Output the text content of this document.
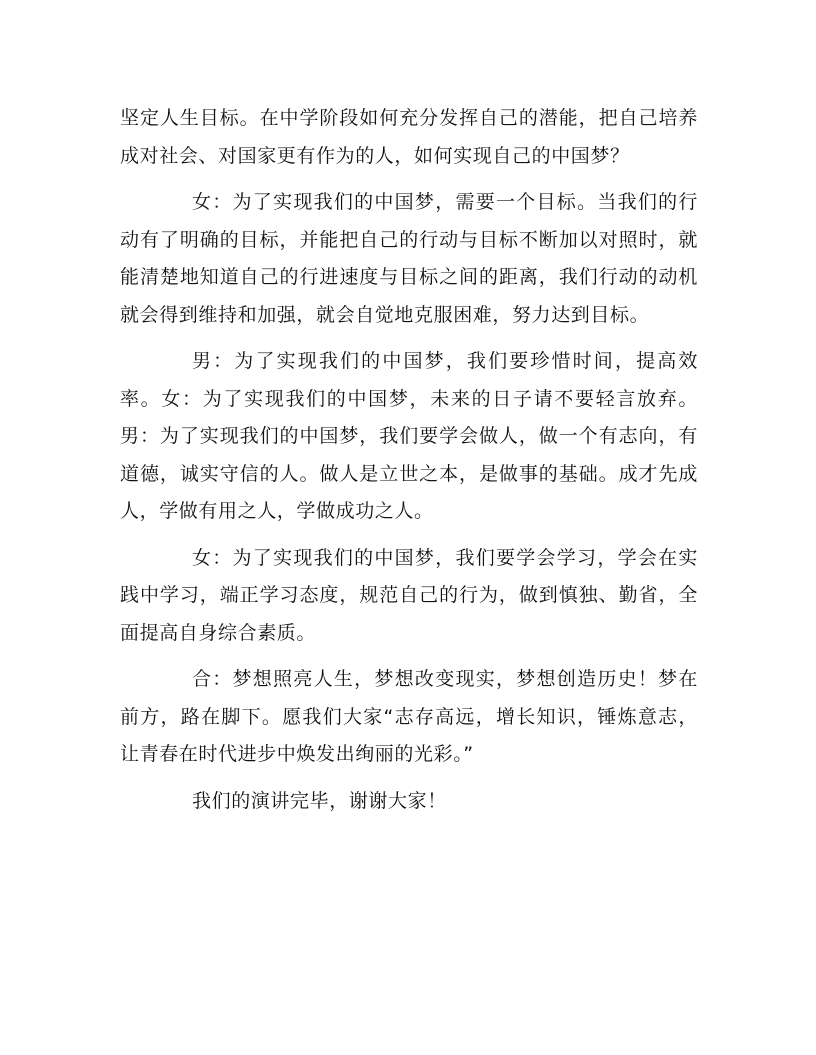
坚定人生目标。在中学阶段如何充分发挥自己的潜能，把自己培养成对社会、对国家更有作为的人，如何实现自己的中国梦？

女：为了实现我们的中国梦，需要一个目标。当我们的行动有了明确的目标，并能把自己的行动与目标不断加以对照时，就能清楚地知道自己的行进速度与目标之间的距离，我们行动的动机就会得到维持和加强，就会自觉地克服困难，努力达到目标。

男：为了实现我们的中国梦，我们要珍惜时间，提高效率。女：为了实现我们的中国梦，未来的日子请不要轻言放弃。男：为了实现我们的中国梦，我们要学会做人，做一个有志向，有道德，诚实守信的人。做人是立世之本，是做事的基础。成才先成人，学做有用之人，学做成功之人。

女：为了实现我们的中国梦，我们要学会学习，学会在实践中学习，端正学习态度，规范自己的行为，做到慎独、勤省，全面提高自身综合素质。

合：梦想照亮人生，梦想改变现实，梦想创造历史！梦在前方，路在脚下。愿我们大家“志存高远，增长知识，锤炼意志，让青春在时代进步中焕发出绚丽的光彩。”

我们的演讲完毕，谢谢大家！
